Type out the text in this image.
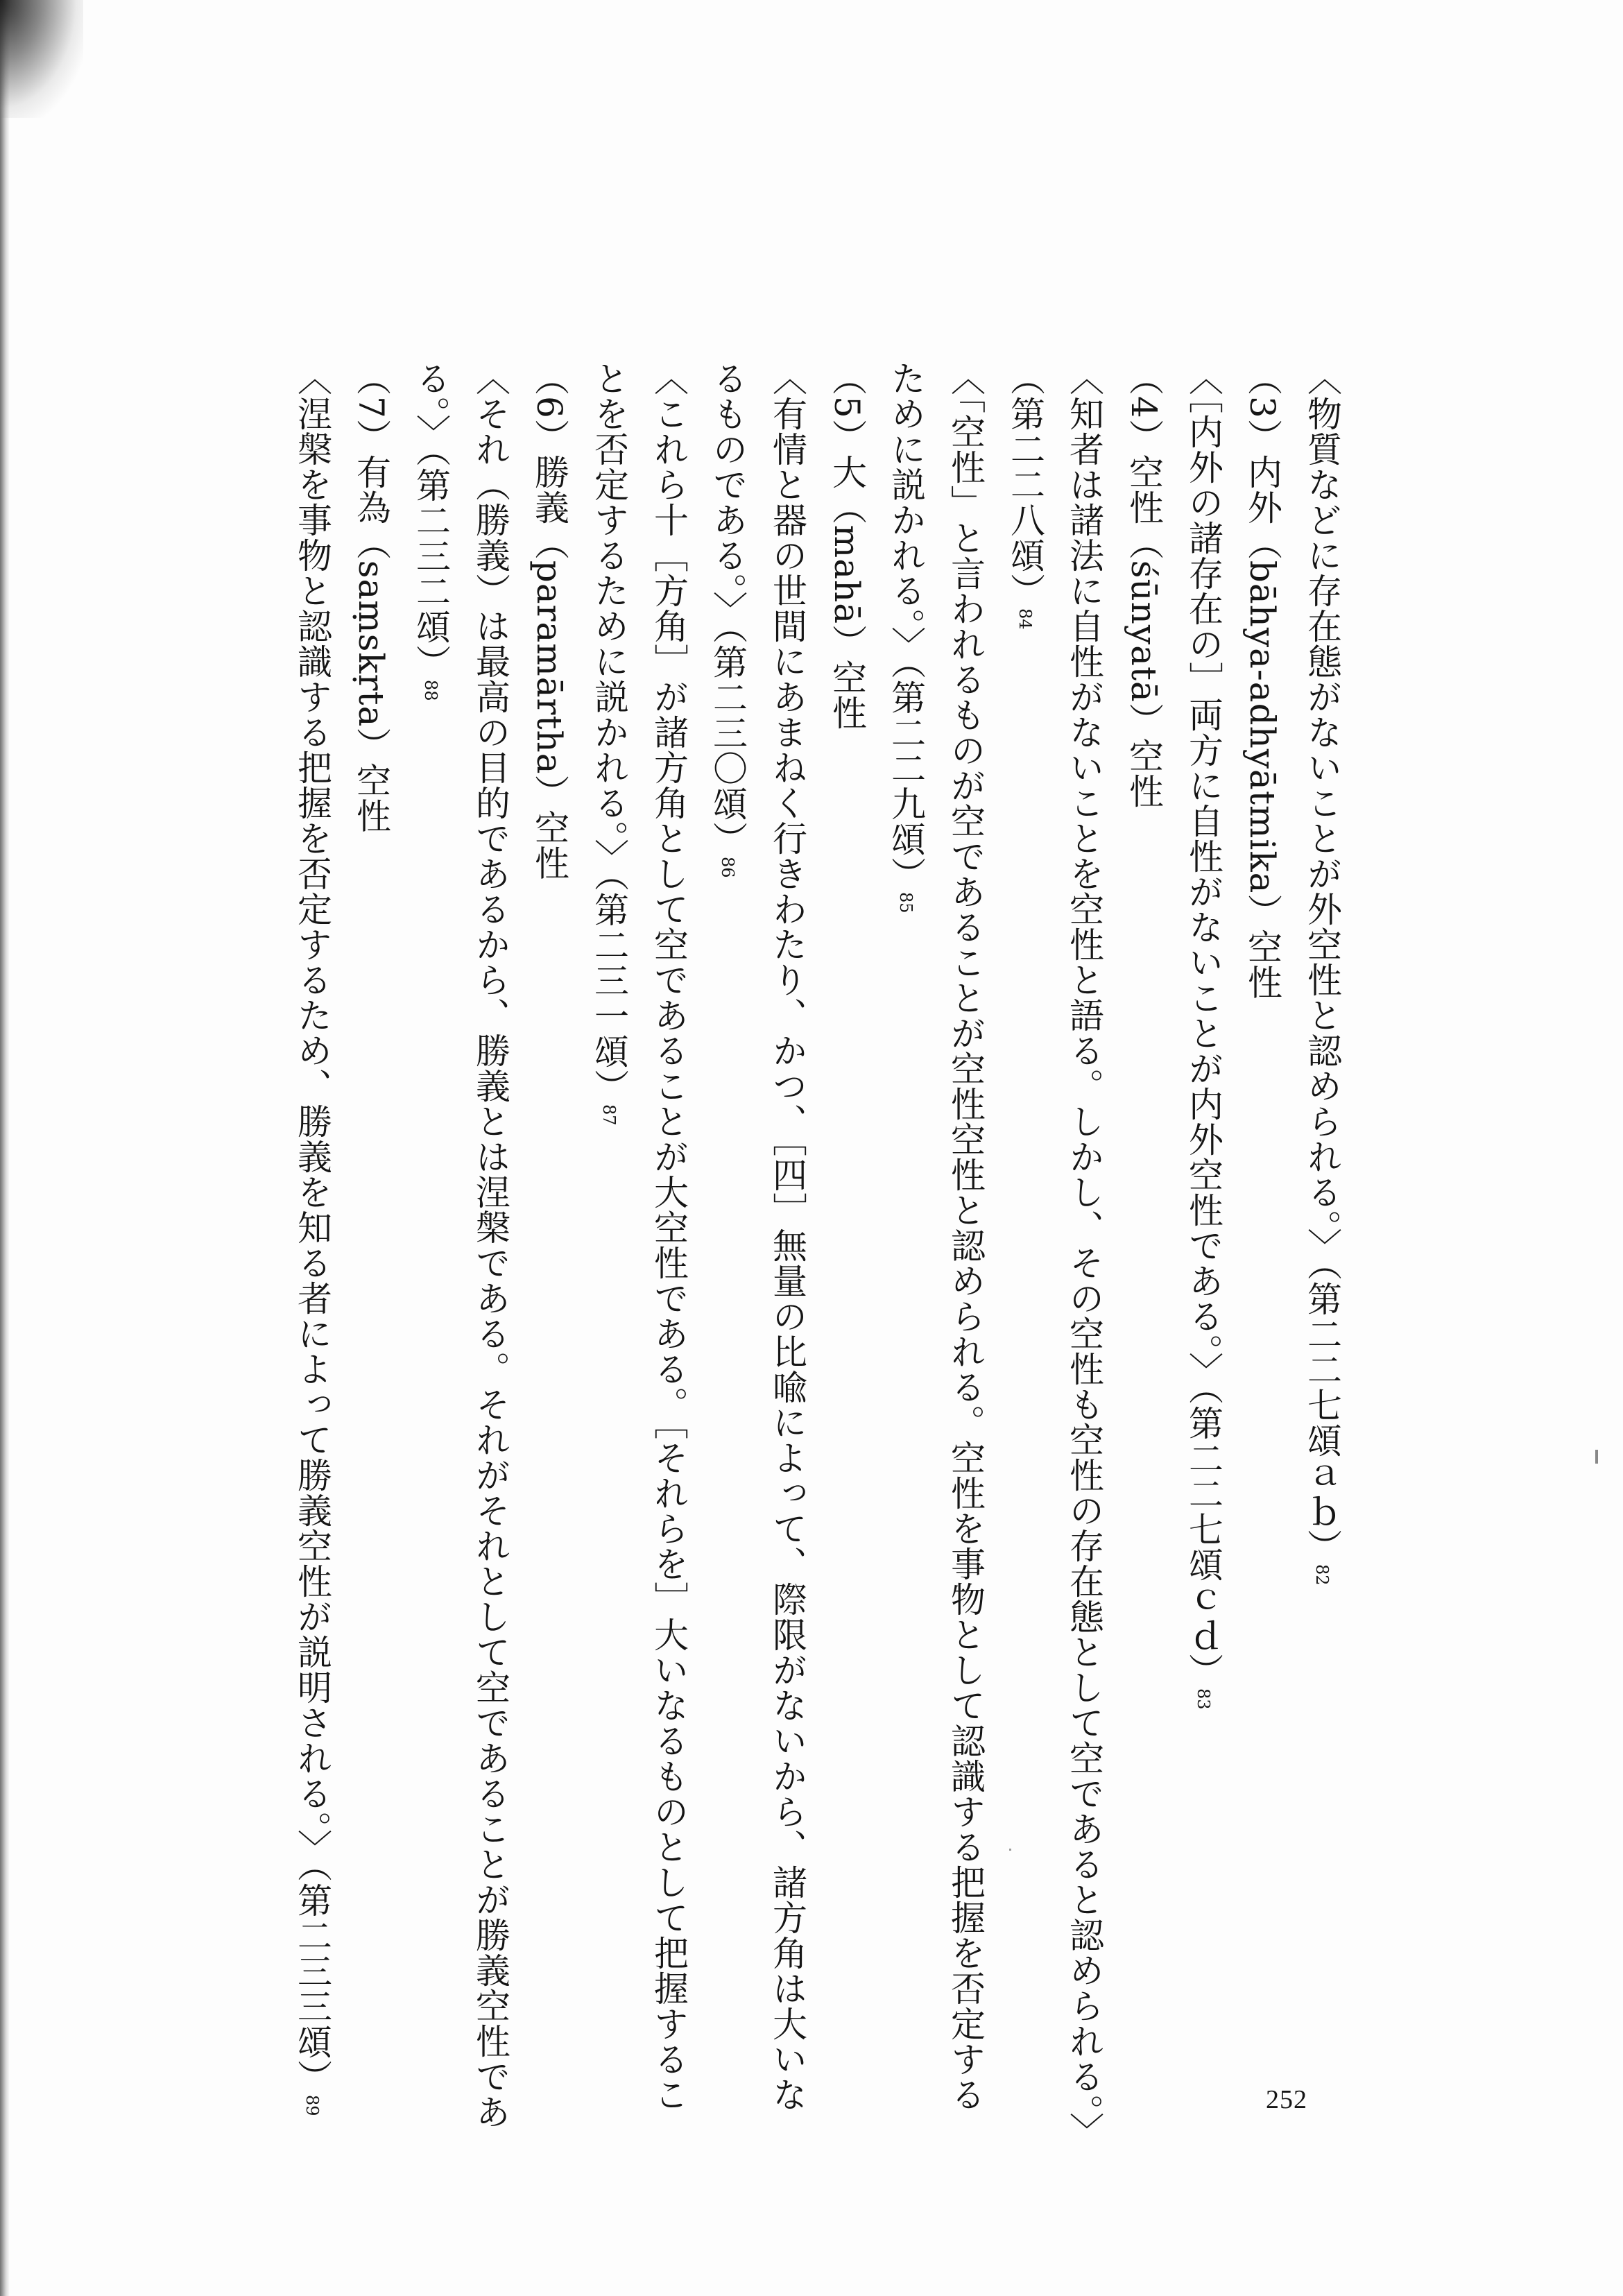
〈物質などに存在態がないことが外空性と認められる。〉（第二二七頌ａｂ）82
（3）内外（bāhya-adhyātmika）空性
〈［内外の諸存在の］両方に自性がないことが内外空性である。〉（第二二七頌ｃｄ）83
（4）空性（śūnyatā）空性
〈知者は諸法に自性がないことを空性と語る。しかし、その空性も空性の存在態として空であると認められる。〉
（第二二八頌）84
〈「空性」と言われるものが空であることが空性空性と認められる。空性を事物として認識する把握を否定する
ために説かれる。〉（第二二九頌）85
（5）大（mahā）空性
〈有情と器の世間にあまねく行きわたり、かつ、［四］無量の比喩によって、際限がないから、諸方角は大いな
るものである。〉（第二三〇頌）86
〈これら十［方角］が諸方角として空であることが大空性である。［それらを］大いなるものとして把握するこ
とを否定するために説かれる。〉（第二三一頌）87
（6）勝義（paramārtha）空性
〈それ（勝義）は最高の目的であるから、勝義とは涅槃である。それがそれとして空であることが勝義空性であ
る。〉（第二三二頌）88
（7）有為（saṃskṛta）空性
〈涅槃を事物と認識する把握を否定するため、勝義を知る者によって勝義空性が説明される。〉（第二三三頌）89	252
